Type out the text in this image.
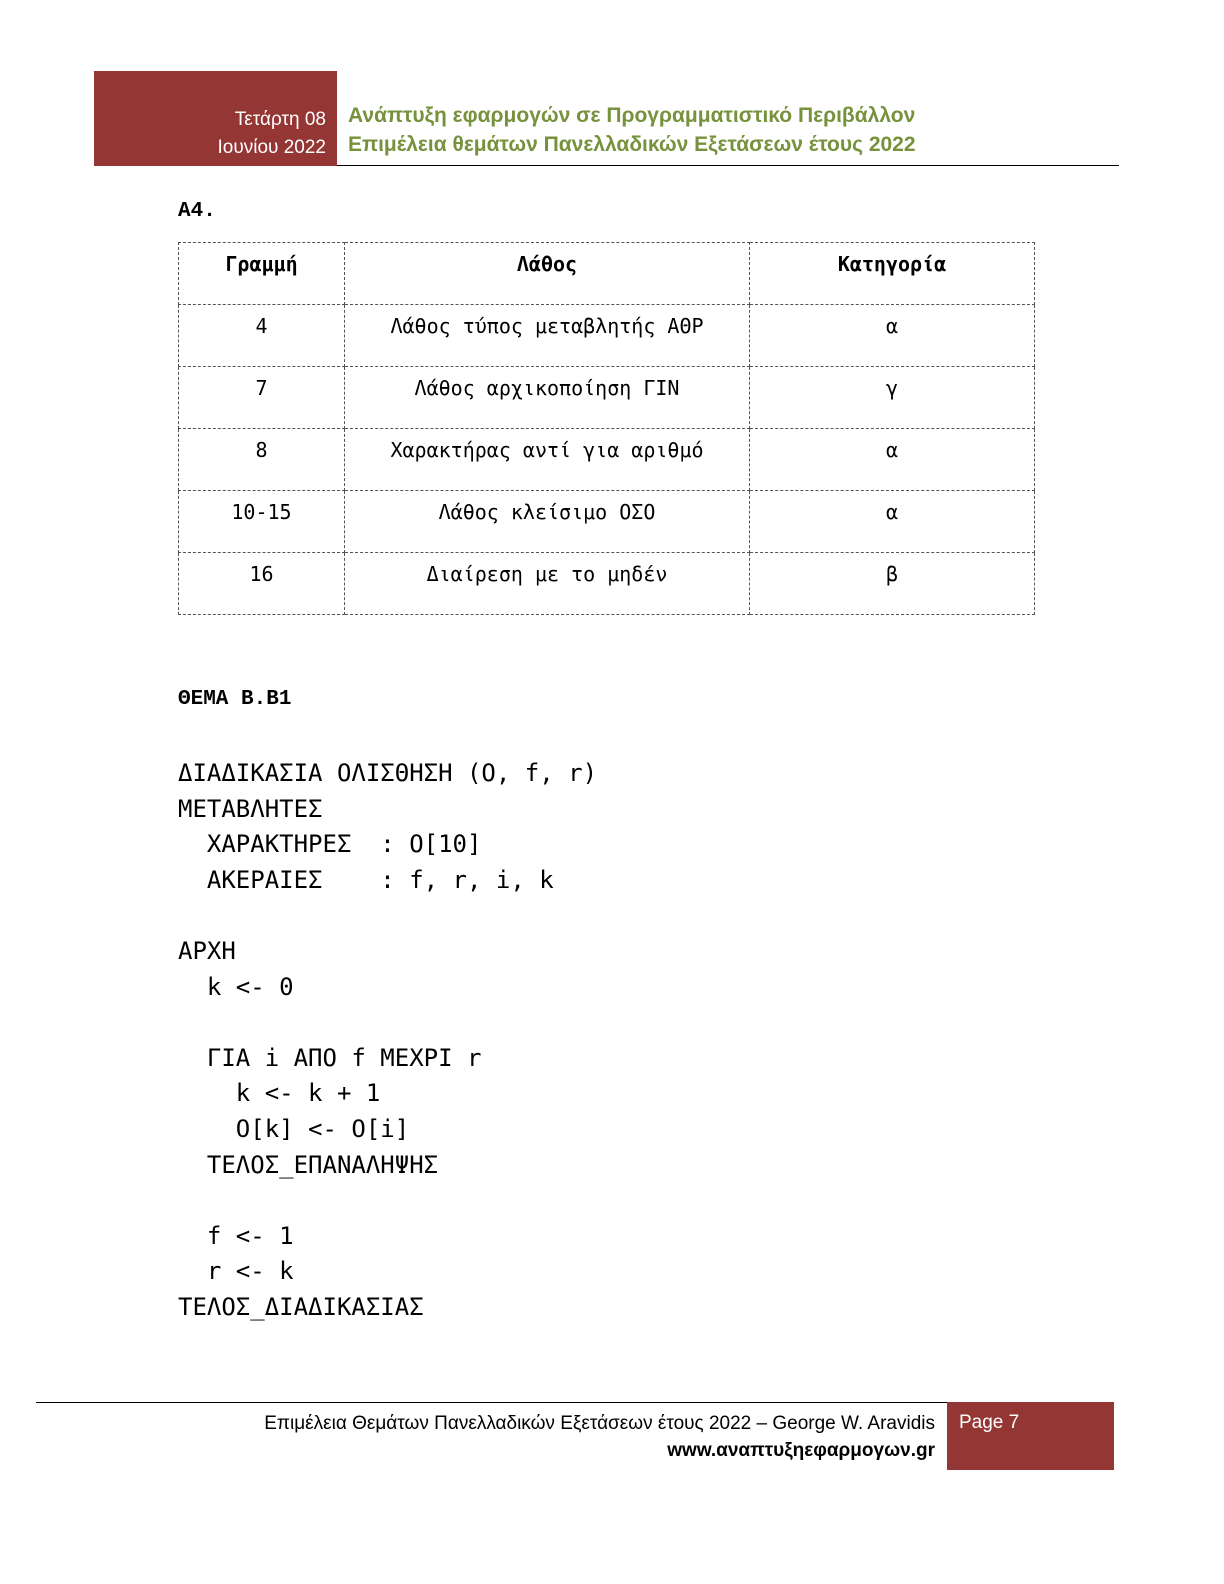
Τετάρτη 08
Ιουνίου 2022
Ανάπτυξη εφαρμογών σε Προγραμματιστικό Περιβάλλον
Επιμέλεια θεμάτων Πανελλαδικών Εξετάσεων έτους 2022
Α4.
Γραμμή	Λάθος	Κατηγορία
4	Λάθος τύπος μεταβλητής ΑΘΡ	α
7	Λάθος αρχικοποίηση ΓΙΝ	γ
8	Χαρακτήρας αντί για αριθμό	α
10-15	Λάθος κλείσιμο ΟΣΟ	α
16	Διαίρεση με το μηδέν	β
ΘΕΜΑ Β.Β1
ΔΙΑΔΙΚΑΣΙΑ ΟΛΙΣΘΗΣΗ (Ο, f, r)
ΜΕΤΑΒΛΗΤΕΣ
ΧΑΡΑΚΤΗΡΕΣ  : Ο[10]
ΑΚΕΡΑΙΕΣ    : f, r, i, k
ΑΡΧΗ
k <- 0
ΓΙΑ i ΑΠΟ f ΜΕΧΡΙ r
k <- k + 1
O[k] <- O[i]
ΤΕΛΟΣ_ΕΠΑΝΑΛΗΨΗΣ
f <- 1
r <- k
ΤΕΛΟΣ_ΔΙΑΔΙΚΑΣΙΑΣ
Επιμέλεια Θεμάτων Πανελλαδικών Εξετάσεων έτους 2022 – George W. Aravidis
www.αναπτυξηεφαρμογων.gr
Page 7
